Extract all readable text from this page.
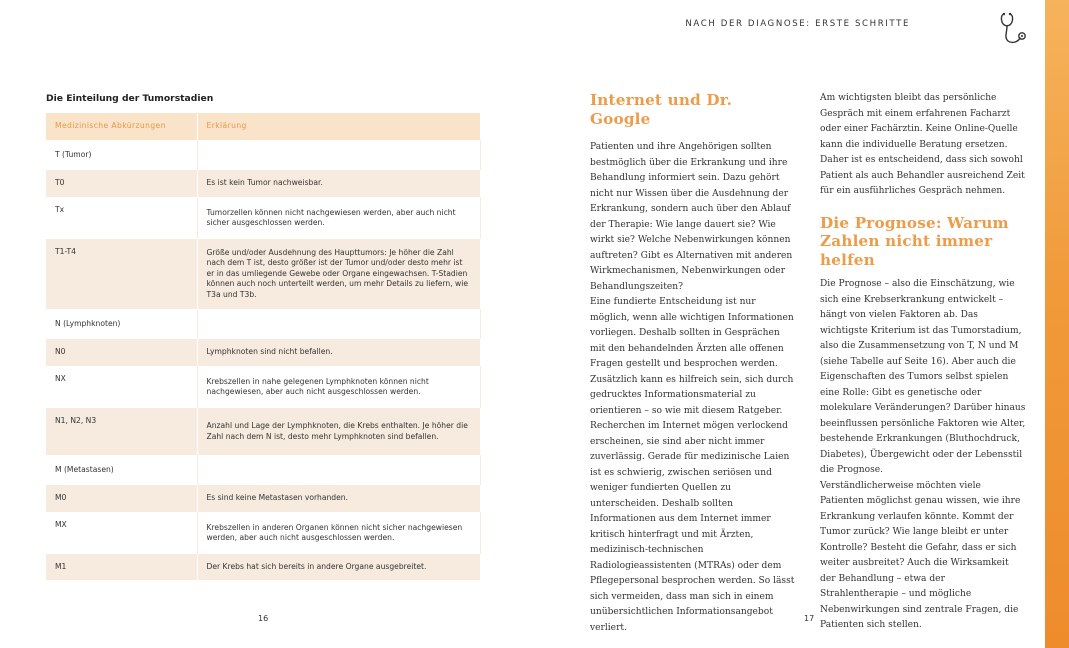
NACH DER DIAGNOSE: ERSTE SCHRITTE
Die Einteilung der Tumorstadien
Medizinische Abkürzungen	Erklärung
T (Tumor)	
T0	Es ist kein Tumor nachweisbar.
Tx	Tumorzellen können nicht nachgewiesen werden, aber auch nicht sicher ausgeschlossen werden.
T1-T4	Größe und/oder Ausdehnung des Haupttumors: Je höher die Zahl nach dem T ist, desto größer ist der Tumor und/oder desto mehr ist er in das umliegende Gewebe oder Organe eingewachsen. T-Stadien können auch noch unterteilt werden, um mehr Details zu liefern, wie T3a und T3b.
N (Lymphknoten)	
N0	Lymphknoten sind nicht befallen.
NX	Krebszellen in nahe gelegenen Lymphknoten können nicht nachgewiesen, aber auch nicht ausgeschlossen werden.
N1, N2, N3	Anzahl und Lage der Lymphknoten, die Krebs enthalten. Je höher die Zahl nach dem N ist, desto mehr Lymphknoten sind befallen.
M (Metastasen)	
M0	Es sind keine Metastasen vorhanden.
MX	Krebszellen in anderen Organen können nicht sicher nachgewiesen werden, aber auch nicht ausgeschlossen werden.
M1	Der Krebs hat sich bereits in andere Organe ausgebreitet.
16	17
Internet und Dr. Google

Patienten und ihre Angehörigen sollten bestmöglich über die Erkrankung und ihre Behandlung informiert sein. Dazu gehört nicht nur Wissen über die Ausdehnung der Erkrankung, sondern auch über den Ablauf der Therapie: Wie lange dauert sie? Wie wirkt sie? Welche Nebenwirkungen können auftreten? Gibt es Alternativen mit anderen Wirkmechanismen, Nebenwirkungen oder Behandlungszeiten?

Eine fundierte Entscheidung ist nur möglich, wenn alle wichtigen Informationen vorliegen. Deshalb sollten in Gesprächen mit den behandelnden Ärzten alle offenen Fragen gestellt und besprochen werden. Zusätzlich kann es hilfreich sein, sich durch gedrucktes Informationsmaterial zu orientieren – so wie mit diesem Ratgeber.

Recherchen im Internet mögen verlockend erscheinen, sie sind aber nicht immer zuverlässig. Gerade für medizinische Laien ist es schwierig, zwischen seriösen und weniger fundierten Quellen zu unterscheiden. Deshalb sollten Informationen aus dem Internet immer kritisch hinterfragt und mit Ärzten, medizinisch-technischen Radiologieassistenten (MTRAs) oder dem Pflegepersonal besprochen werden. So lässt sich vermeiden, dass man sich in einem unübersichtlichen Informationsangebot verliert.

Am wichtigsten bleibt das persönliche Gespräch mit einem erfahrenen Facharzt oder einer Fachärztin. Keine Online-Quelle kann die individuelle Beratung ersetzen. Daher ist es entscheidend, dass sich sowohl Patient als auch Behandler ausreichend Zeit für ein ausführliches Gespräch nehmen.

Die Prognose: Warum Zahlen nicht immer helfen

Die Prognose – also die Einschätzung, wie sich eine Krebserkrankung entwickelt – hängt von vielen Faktoren ab. Das wichtigste Kriterium ist das Tumorstadium, also die Zusammensetzung von T, N und M (siehe Tabelle auf Seite 16). Aber auch die Eigenschaften des Tumors selbst spielen eine Rolle: Gibt es genetische oder molekulare Veränderungen? Darüber hinaus beeinflussen persönliche Faktoren wie Alter, bestehende Erkrankungen (Bluthochdruck, Diabetes), Übergewicht oder der Lebensstil die Prognose.

Verständlicherweise möchten viele Patienten möglichst genau wissen, wie ihre Erkrankung verlaufen könnte. Kommt der Tumor zurück? Wie lange bleibt er unter Kontrolle? Besteht die Gefahr, dass er sich weiter ausbreitet? Auch die Wirksamkeit der Behandlung – etwa der Strahlentherapie – und mögliche Nebenwirkungen sind zentrale Fragen, die Patienten sich stellen.
